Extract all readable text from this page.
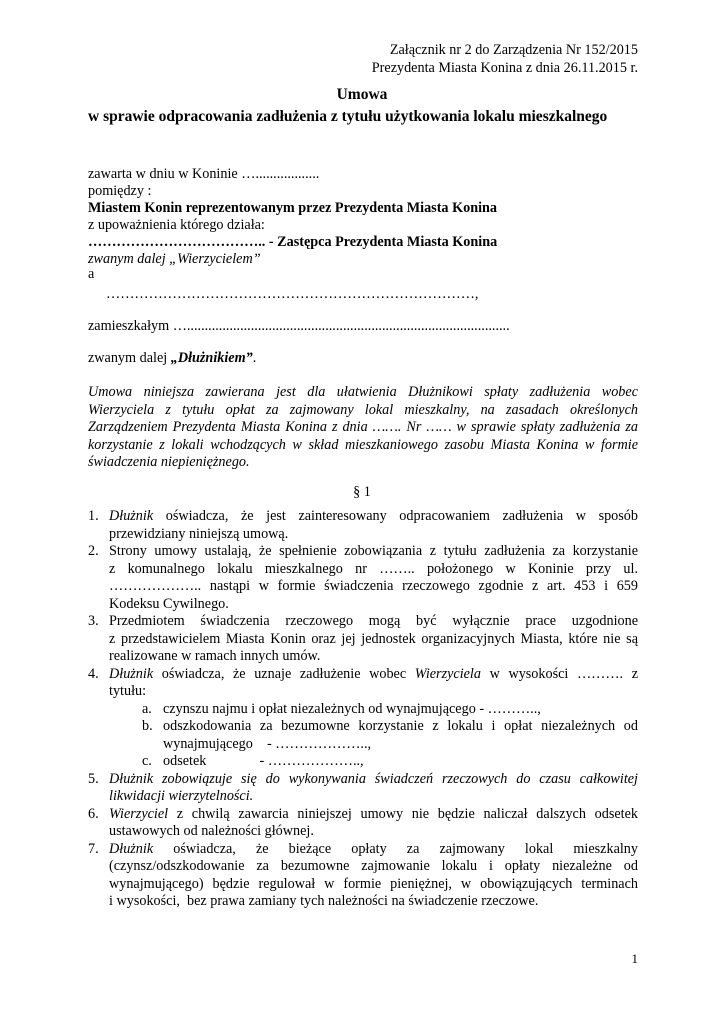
Załącznik nr 2 do Zarządzenia Nr 152/2015
Prezydenta Miasta Konina z dnia 26.11.2015 r.
Umowa
w sprawie odpracowania zadłużenia z tytułu użytkowania lokalu mieszkalnego
zawarta w dniu w Koninie …..................
pomiędzy :
Miastem Konin reprezentowanym przez Prezydenta Miasta Konina
z upoważnienia którego działa:
……………………………….. - Zastępca Prezydenta Miasta Konina
zwanym dalej „Wierzycielem”
a
……………………………………………………………………,
zamieszkałym …...........................................................................................
zwanym dalej „Dłużnikiem”.
Umowa niniejsza zawierana jest dla ułatwienia Dłużnikowi spłaty zadłużenia wobec
Wierzyciela z tytułu opłat za zajmowany lokal mieszkalny, na zasadach określonych
Zarządzeniem Prezydenta Miasta Konina z dnia ……. Nr …… w sprawie spłaty zadłużenia za
korzystanie z lokali wchodzących w skład mieszkaniowego zasobu Miasta Konina w formie
świadczenia niepieniężnego.
§ 1
1. Dłużnik oświadcza, że jest zainteresowany odpracowaniem zadłużenia w sposób
przewidziany niniejszą umową.
2. Strony umowy ustalają, że spełnienie zobowiązania z tytułu zadłużenia za korzystanie
z komunalnego lokalu mieszkalnego nr …….. położonego w Koninie przy ul.
……………….. nastąpi w formie świadczenia rzeczowego zgodnie z art. 453 i 659
Kodeksu Cywilnego.
3. Przedmiotem świadczenia rzeczowego mogą być wyłącznie prace uzgodnione
z przedstawicielem Miasta Konin oraz jej jednostek organizacyjnych Miasta, które nie są
realizowane w ramach innych umów.
4. Dłużnik oświadcza, że uznaje zadłużenie wobec Wierzyciela w wysokości ………. z
tytułu:
a. czynszu najmu i opłat niezależnych od wynajmującego - ………..,
b. odszkodowania za bezumowne korzystanie z lokalu i opłat niezależnych od
wynajmującego    - ………………..,
c. odsetek               - ………………..,
5. Dłużnik zobowiązuje się do wykonywania świadczeń rzeczowych do czasu całkowitej
likwidacji wierzytelności.
6. Wierzyciel z chwilą zawarcia niniejszej umowy nie będzie naliczał dalszych odsetek
ustawowych od należności głównej.
7. Dłużnik oświadcza, że bieżące opłaty za zajmowany lokal mieszkalny
(czynsz/odszkodowanie za bezumowne zajmowanie lokalu i opłaty niezależne od
wynajmującego) będzie regulował w formie pieniężnej, w obowiązujących terminach
i wysokości,  bez prawa zamiany tych należności na świadczenie rzeczowe.
1
